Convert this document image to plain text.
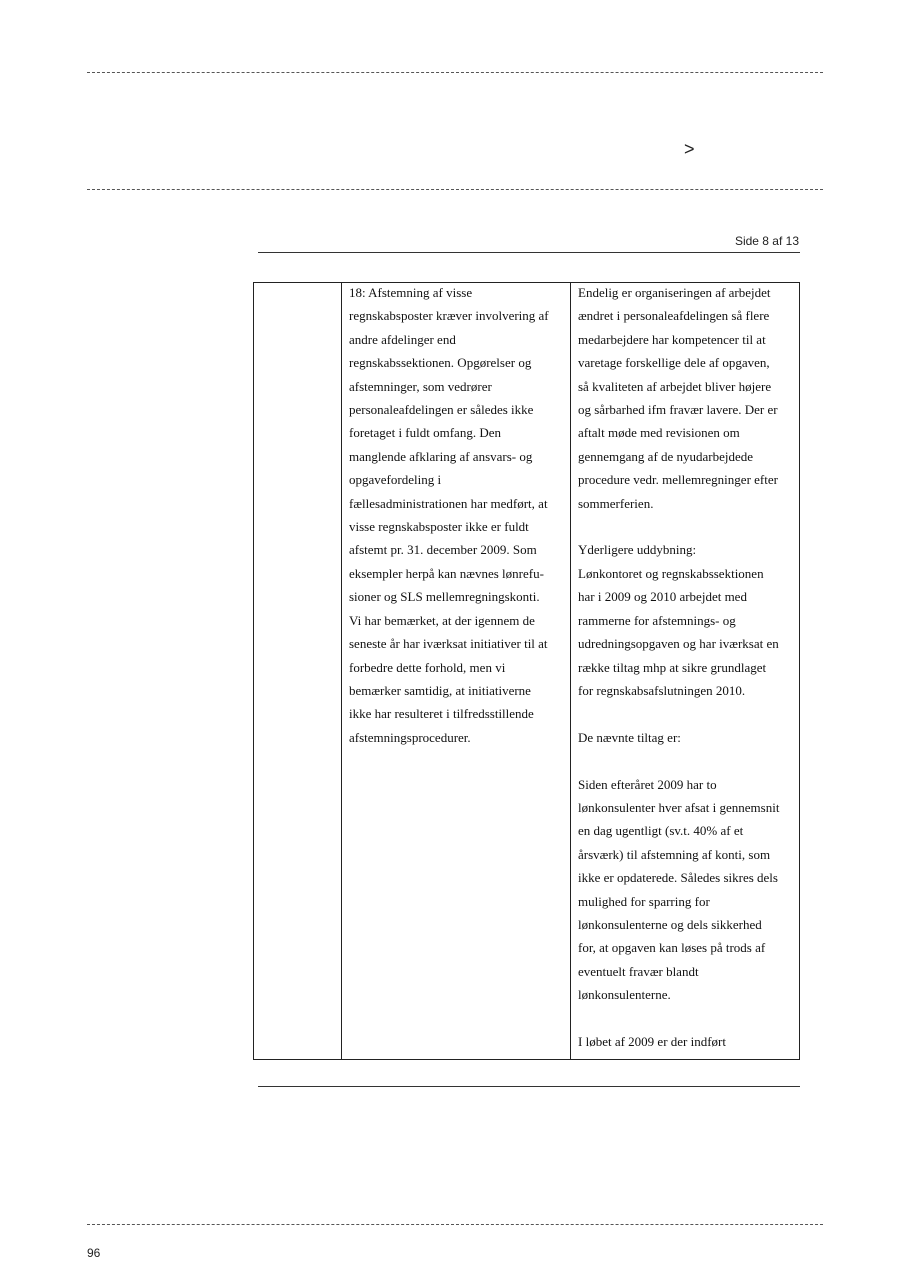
>
Side 8 af 13

18: Afstemning af visse

regnskabsposter kræver involvering af

andre afdelinger end

regnskabssektionen. Opgørelser og

afstemninger, som vedrører

personaleafdelingen er således ikke

foretaget i fuldt omfang. Den

manglende afklaring af ansvars- og

opgavefordeling i

fællesadministrationen har medført, at

visse regnskabsposter ikke er fuldt

afstemt pr. 31. december 2009. Som

eksempler herpå kan nævnes lønrefu-

sioner og SLS mellemregningskonti.

Vi har bemærket, at der igennem de

seneste år har iværksat initiativer til at

forbedre dette forhold, men vi

bemærker samtidig, at initiativerne

ikke har resulteret i tilfredsstillende

afstemningsprocedurer.

Endelig er organiseringen af arbejdet

ændret i personaleafdelingen så flere

medarbejdere har kompetencer til at

varetage forskellige dele af opgaven,

så kvaliteten af arbejdet bliver højere

og sårbarhed ifm fravær lavere. Der er

aftalt møde med revisionen om

gennemgang af de nyudarbejdede

procedure vedr. mellemregninger efter

sommerferien.

Yderligere uddybning:

Lønkontoret og regnskabssektionen

har i 2009 og 2010 arbejdet med

rammerne for afstemnings- og

udredningsopgaven og har iværksat en

række tiltag mhp at sikre grundlaget

for regnskabsafslutningen 2010.

De nævnte tiltag er:

Siden efteråret 2009 har to

lønkonsulenter hver afsat i gennemsnit

en dag ugentligt (sv.t. 40% af et

årsværk) til afstemning af konti, som

ikke er opdaterede. Således sikres dels

mulighed for sparring for

lønkonsulenterne og dels sikkerhed

for, at opgaven kan løses på trods af

eventuelt fravær blandt

lønkonsulenterne.

I løbet af 2009 er der indført

96
